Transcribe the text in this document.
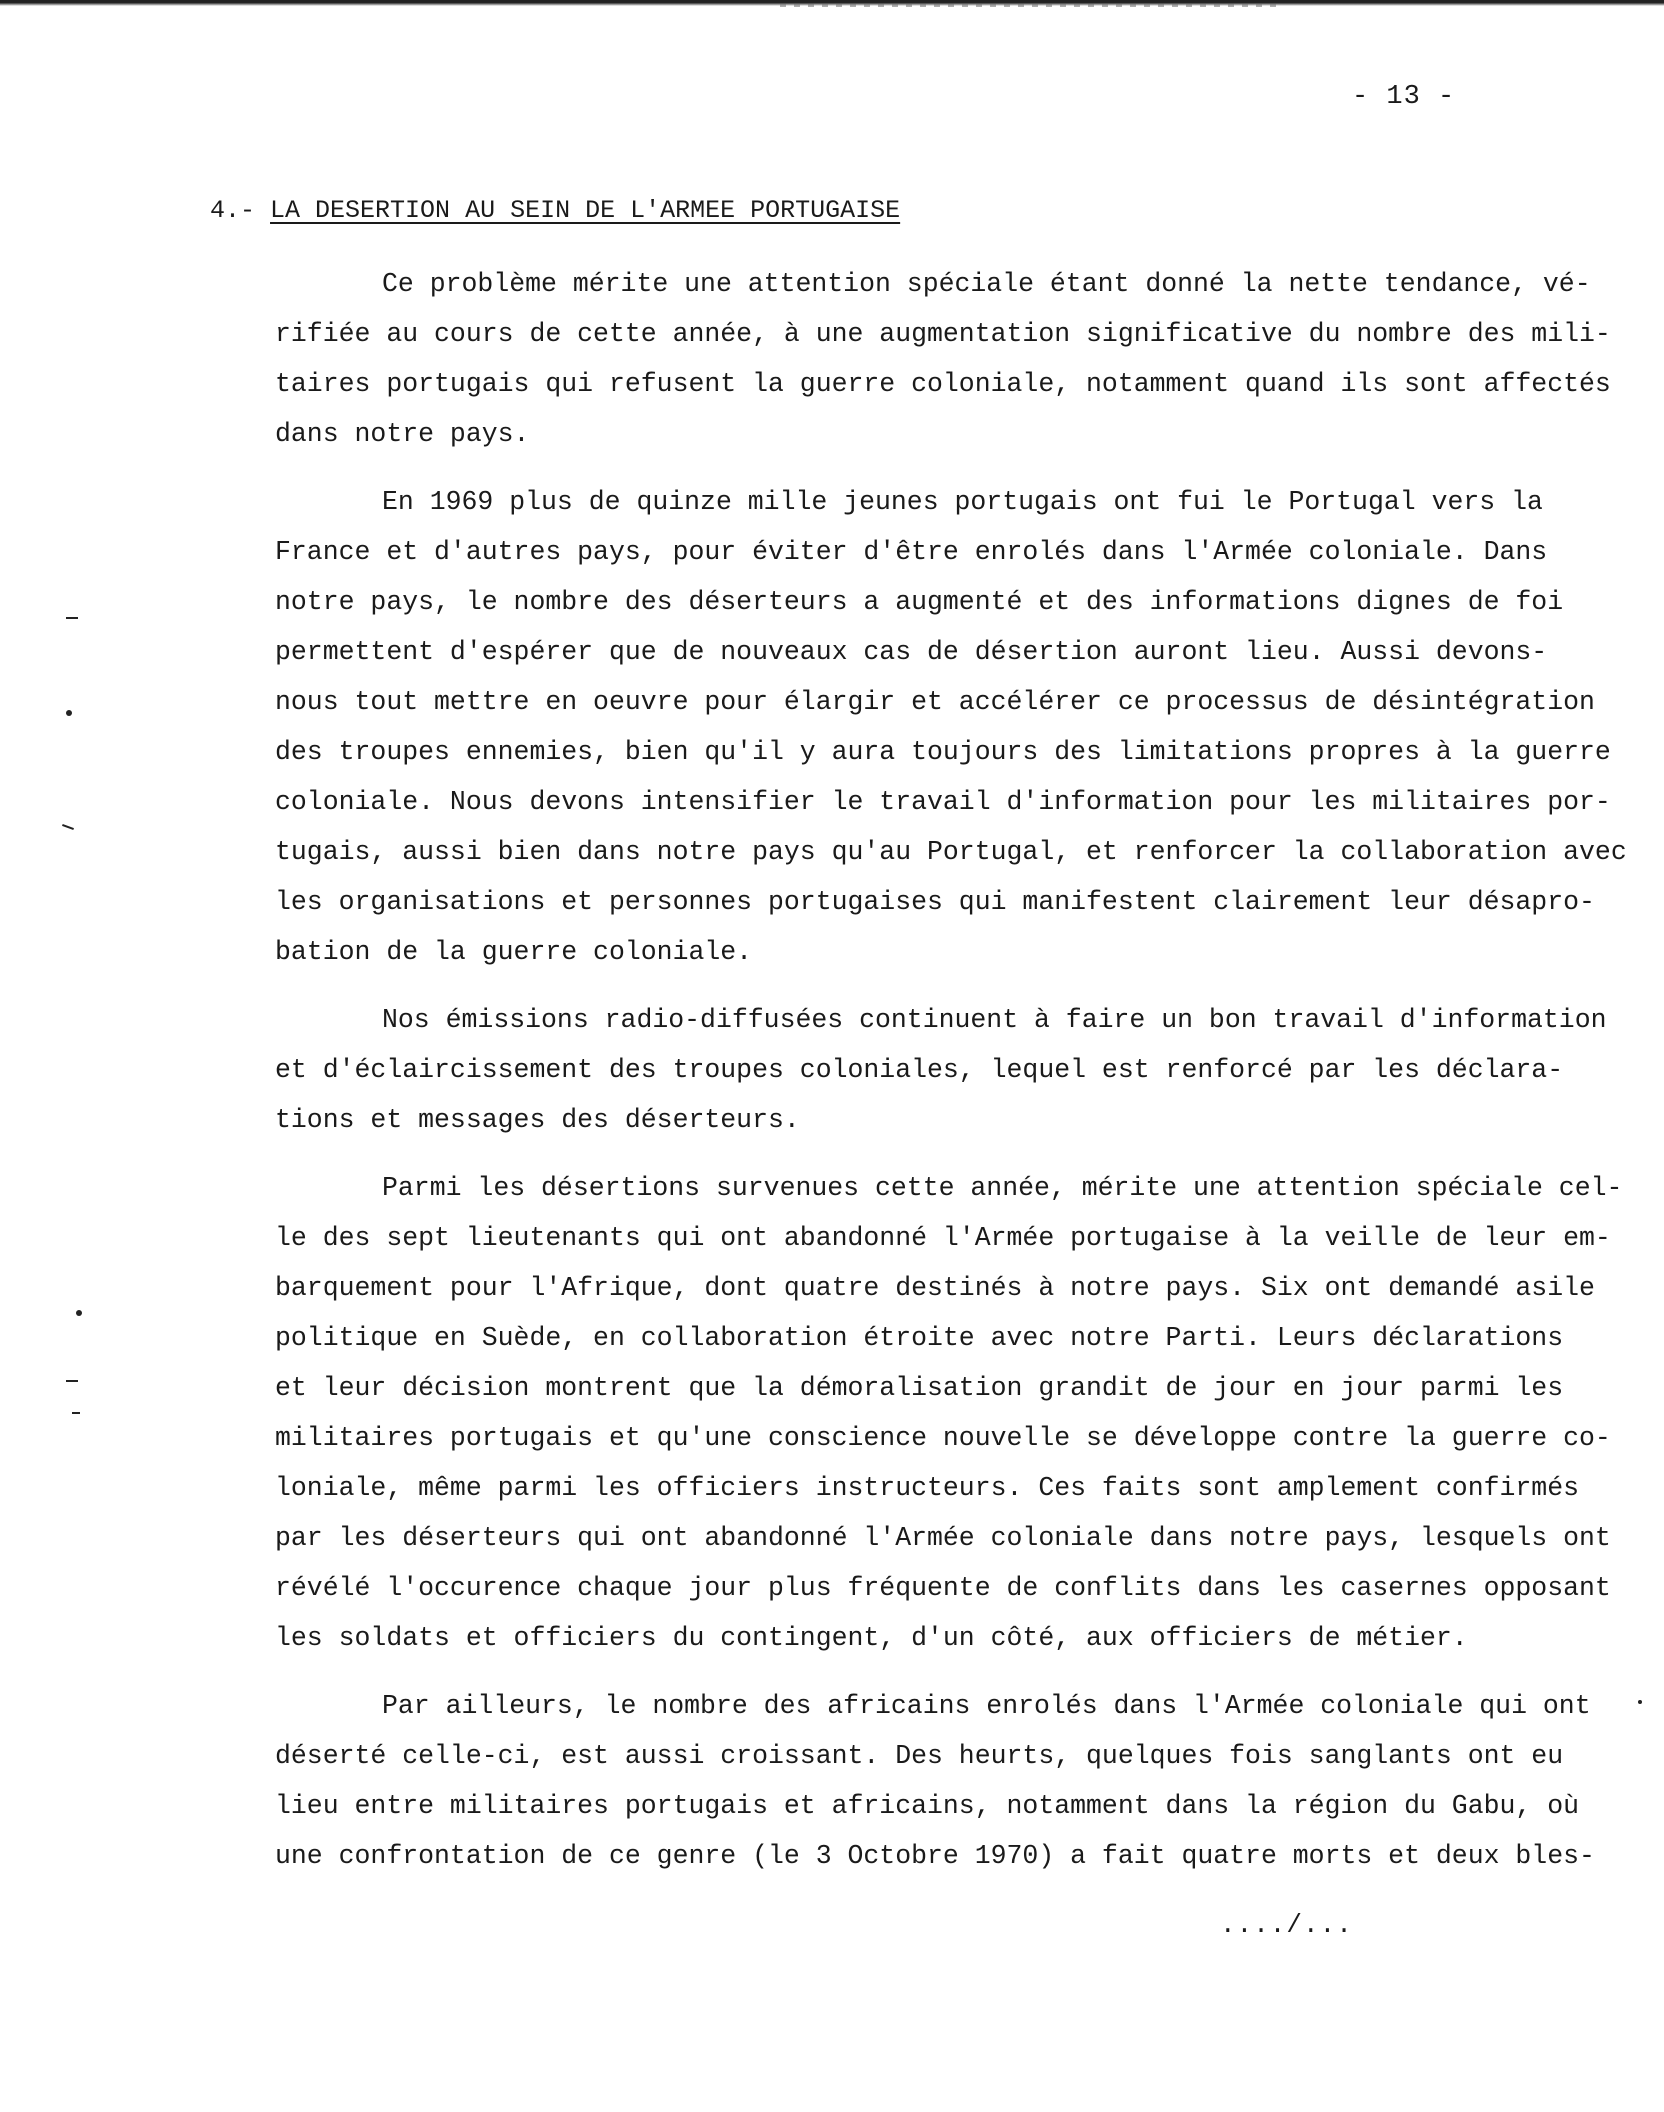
- 13 -
4.- LA DESERTION AU SEIN DE L'ARMEE PORTUGAISE
Ce problème mérite une attention spéciale étant donné la nette tendance, vé-
rifiée au cours de cette année, à une augmentation significative du nombre des mili-
taires portugais qui refusent la guerre coloniale, notamment quand ils sont affectés
dans notre pays.
En 1969 plus de quinze mille jeunes portugais ont fui le Portugal vers la
France et d'autres pays, pour éviter d'être enrolés dans l'Armée coloniale. Dans
notre pays, le nombre des déserteurs a augmenté et des informations dignes de foi
permettent d'espérer que de nouveaux cas de désertion auront lieu. Aussi devons-
nous tout mettre en oeuvre pour élargir et accélérer ce processus de désintégration
des troupes ennemies, bien qu'il y aura toujours des limitations propres à la guerre
coloniale. Nous devons intensifier le travail d'information pour les militaires por-
tugais, aussi bien dans notre pays qu'au Portugal, et renforcer la collaboration avec
les organisations et personnes portugaises qui manifestent clairement leur désapro-
bation de la guerre coloniale.
Nos émissions radio-diffusées continuent à faire un bon travail d'information
et d'éclaircissement des troupes coloniales, lequel est renforcé par les déclara-
tions et messages des déserteurs.
Parmi les désertions survenues cette année, mérite une attention spéciale cel-
le des sept lieutenants qui ont abandonné l'Armée portugaise à la veille de leur em-
barquement pour l'Afrique, dont quatre destinés à notre pays. Six ont demandé asile
politique en Suède, en collaboration étroite avec notre Parti. Leurs déclarations
et leur décision montrent que la démoralisation grandit de jour en jour parmi les
militaires portugais et qu'une conscience nouvelle se développe contre la guerre co-
loniale, même parmi les officiers instructeurs. Ces faits sont amplement confirmés
par les déserteurs qui ont abandonné l'Armée coloniale dans notre pays, lesquels ont
révélé l'occurence chaque jour plus fréquente de conflits dans les casernes opposant
les soldats et officiers du contingent, d'un côté, aux officiers de métier.
Par ailleurs, le nombre des africains enrolés dans l'Armée coloniale qui ont
déserté celle-ci, est aussi croissant. Des heurts, quelques fois sanglants ont eu
lieu entre militaires portugais et africains, notamment dans la région du Gabu, où
une confrontation de ce genre (le 3 Octobre 1970) a fait quatre morts et deux bles-
..../...
